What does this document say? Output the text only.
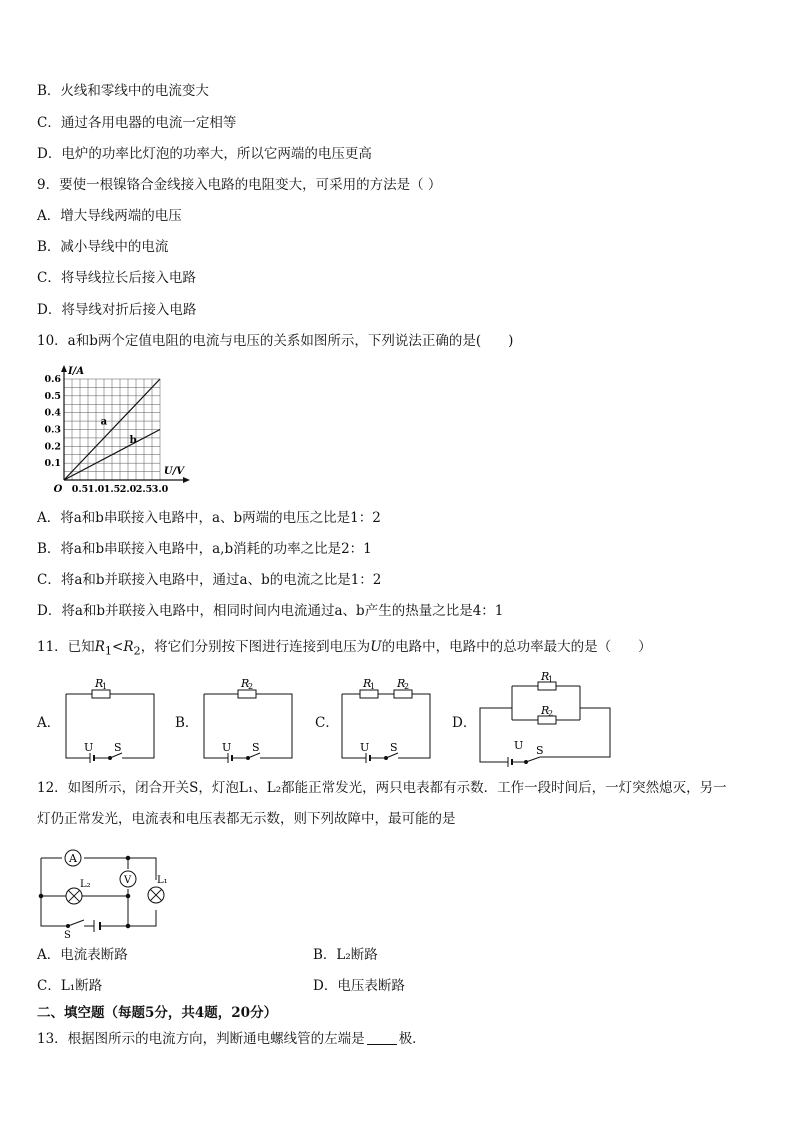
B．火线和零线中的电流变大
C．通过各用电器的电流一定相等
D．电炉的功率比灯泡的功率大，所以它两端的电压更高
9．要使一根镍铬合金线接入电路的电阻变大，可采用的方法是（ ）
A．增大导线两端的电压
B．减小导线中的电流
C．将导线拉长后接入电路
D．将导线对折后接入电路
10．a和b两个定值电阻的电流与电压的关系如图所示，下列说法正确的是(　　)
0.5 1.0 1.5 2.0 2.5 3.0
0.1
0.2
0.3
0.4
0.5
0.6
O
U/V
I/A
a
b
A．将a和b串联接入电路中，a、b两端的电压之比是1：2
B．将a和b串联接入电路中，a,b消耗的功率之比是2：1
C．将a和b并联接入电路中，通过a、b的电流之比是1：2
D．将a和b并联接入电路中，相同时间内电流通过a、b产生的热量之比是4：1
11．已知$R_1<R_2$，将它们分别按下图进行连接到电压为U的电路中，电路中的总功率最大的是（　　）
A．	B．	C．	D．
R
1
U S
R
2
U S
R
1 R
2
U S
R
1
R
2
U S
12．如图所示，闭合开关S，灯泡L₁、L₂都能正常发光，两只电表都有示数．工作一段时间后，一灯突然熄灭，另一
灯仍正常发光，电流表和电压表都无示数，则下列故障中，最可能的是
A
V
L₂	L₁
S
A．电流表断路	B．L₂断路
C．L₁断路	D．电压表断路
二、填空题（每题5分，共4题，20分）
13．根据图所示的电流方向，判断通电螺线管的左端是	极．
